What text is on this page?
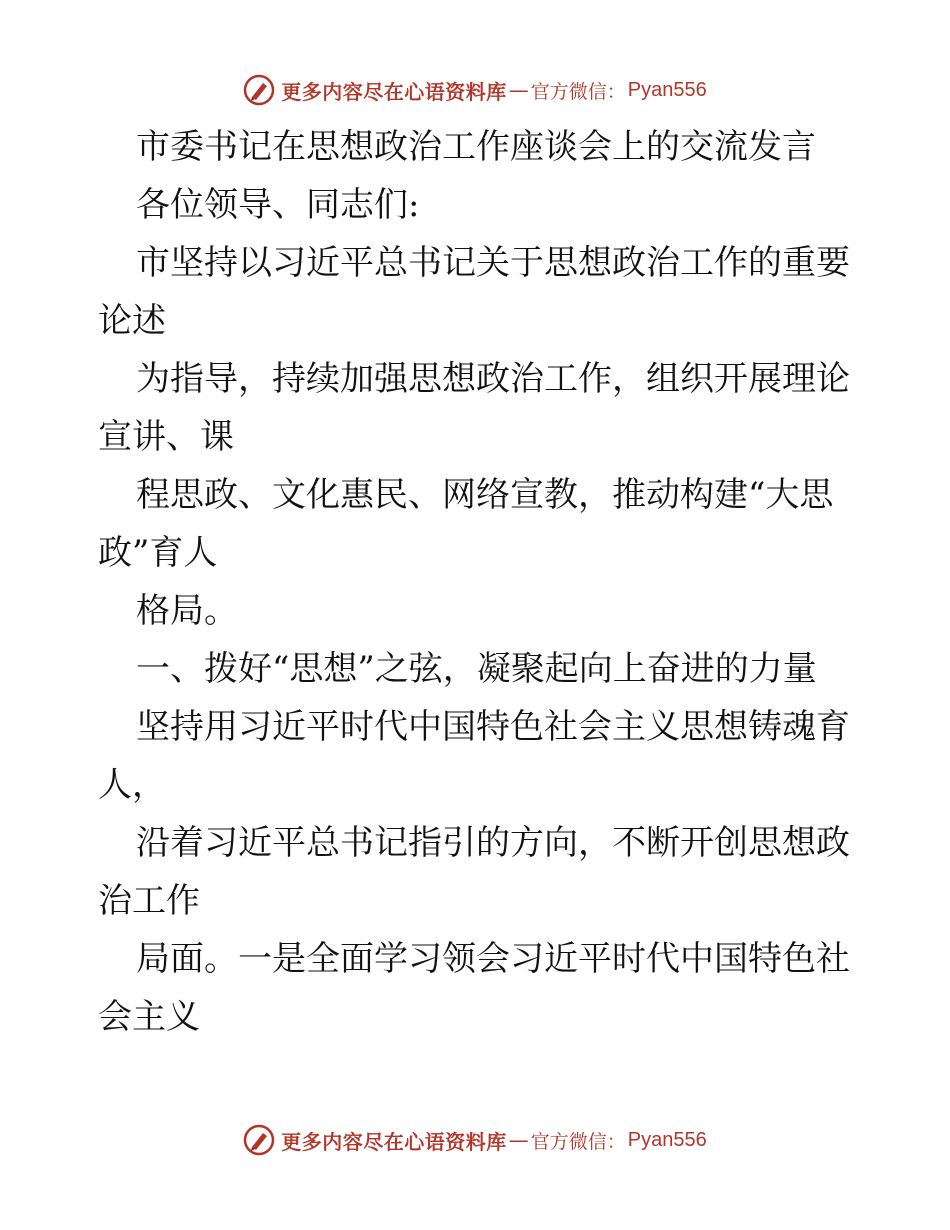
更多内容尽在心语资料库 — 官方微信： Pyan556
市委书记在思想政治工作座谈会上的交流发言
各位领导、同志们:
市坚持以习近平总书记关于思想政治工作的重要
论述
为指导，持续加强思想政治工作，组织开展理论
宣讲、课
程思政、文化惠民、网络宣教，推动构建“大思
政”育人
格局。
一、拨好“思想”之弦，凝聚起向上奋进的力量
坚持用习近平时代中国特色社会主义思想铸魂育
人，
沿着习近平总书记指引的方向，不断开创思想政
治工作
局面。一是全面学习领会习近平时代中国特色社
会主义
更多内容尽在心语资料库 — 官方微信： Pyan556
